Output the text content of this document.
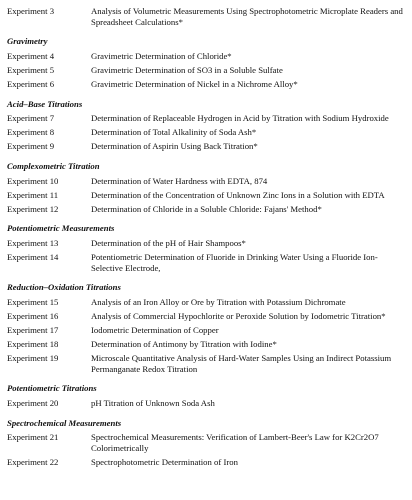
Experiment 3	Analysis of Volumetric Measurements Using Spectrophotometric Microplate Readers and Spreadsheet Calculations*
Gravimetry
Experiment 4	Gravimetric Determination of Chloride*
Experiment 5	Gravimetric Determination of SO3 in a Soluble Sulfate
Experiment 6	Gravimetric Determination of Nickel in a Nichrome Alloy*
Acid–Base Titrations
Experiment 7	Determination of Replaceable Hydrogen in Acid by Titration with Sodium Hydroxide
Experiment 8	Determination of Total Alkalinity of Soda Ash*
Experiment 9	Determination of Aspirin Using Back Titration*
Complexometric Titration
Experiment 10	Determination of Water Hardness with EDTA, 874
Experiment 11	Determination of the Concentration of Unknown Zinc Ions in a Solution with EDTA
Experiment 12	Determination of Chloride in a Soluble Chloride: Fajans' Method*
Potentiometric Measurements
Experiment 13	Determination of the pH of Hair Shampoos*
Experiment 14	Potentiometric Determination of Fluoride in Drinking Water Using a Fluoride Ion-Selective Electrode,
Reduction–Oxidation Titrations
Experiment 15	Analysis of an Iron Alloy or Ore by Titration with Potassium Dichromate
Experiment 16	Analysis of Commercial Hypochlorite or Peroxide Solution by Iodometric Titration*
Experiment 17	Iodometric Determination of Copper
Experiment 18	Determination of Antimony by Titration with Iodine*
Experiment 19	Microscale Quantitative Analysis of Hard-Water Samples Using an Indirect Potassium Permanganate Redox Titration
Potentiometric Titrations
Experiment 20	pH Titration of Unknown Soda Ash
Spectrochemical Measurements
Experiment 21	Spectrochemical Measurements: Verification of Lambert-Beer's Law for K2Cr2O7 Colorimetrically
Experiment 22	Spectrophotometric Determination of Iron
